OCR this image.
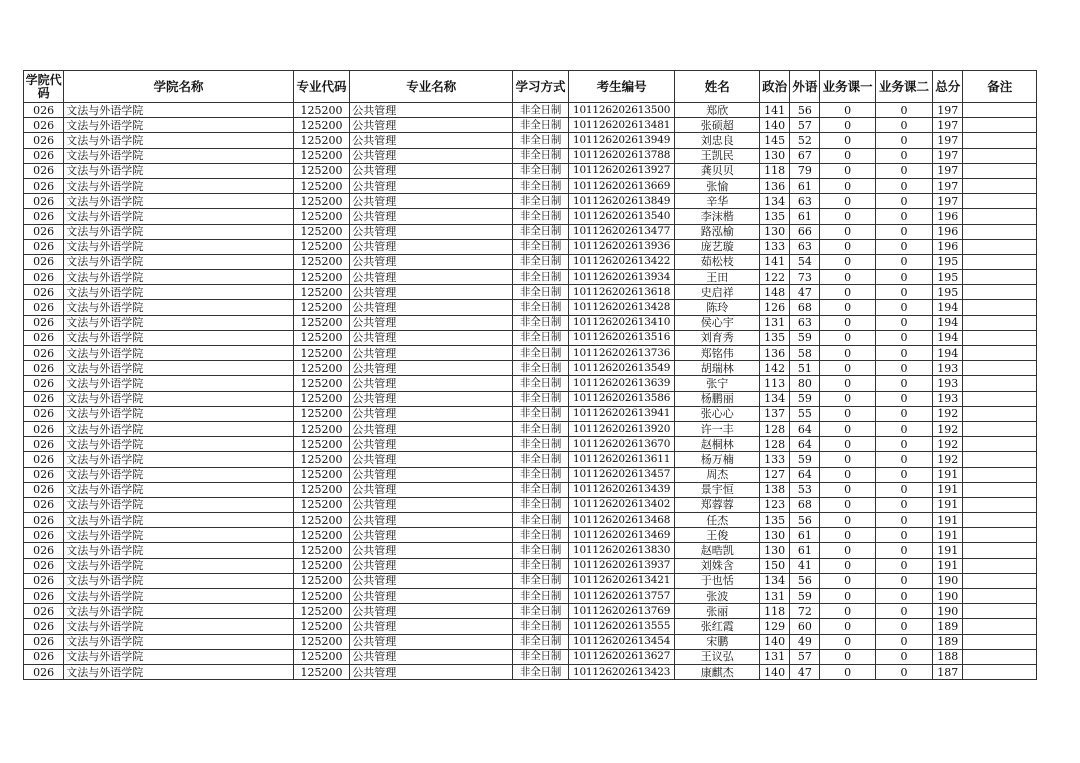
学院代码	学院名称	专业代码	专业名称	学习方式	考生编号	姓名	政治	外语	业务课一	业务课二	总分	备注
026	文法与外语学院	125200	公共管理	非全日制	101126202613500	郑欣	141	56	0	0	197	
026	文法与外语学院	125200	公共管理	非全日制	101126202613481	张硕超	140	57	0	0	197	
026	文法与外语学院	125200	公共管理	非全日制	101126202613949	刘忠良	145	52	0	0	197	
026	文法与外语学院	125200	公共管理	非全日制	101126202613788	王凯民	130	67	0	0	197	
026	文法与外语学院	125200	公共管理	非全日制	101126202613927	龚贝贝	118	79	0	0	197	
026	文法与外语学院	125200	公共管理	非全日制	101126202613669	张愉	136	61	0	0	197	
026	文法与外语学院	125200	公共管理	非全日制	101126202613849	辛华	134	63	0	0	197	
026	文法与外语学院	125200	公共管理	非全日制	101126202613540	李沫楷	135	61	0	0	196	
026	文法与外语学院	125200	公共管理	非全日制	101126202613477	路泓榆	130	66	0	0	196	
026	文法与外语学院	125200	公共管理	非全日制	101126202613936	庞艺璇	133	63	0	0	196	
026	文法与外语学院	125200	公共管理	非全日制	101126202613422	茹松枝	141	54	0	0	195	
026	文法与外语学院	125200	公共管理	非全日制	101126202613934	王田	122	73	0	0	195	
026	文法与外语学院	125200	公共管理	非全日制	101126202613618	史启祥	148	47	0	0	195	
026	文法与外语学院	125200	公共管理	非全日制	101126202613428	陈玲	126	68	0	0	194	
026	文法与外语学院	125200	公共管理	非全日制	101126202613410	侯心宇	131	63	0	0	194	
026	文法与外语学院	125200	公共管理	非全日制	101126202613516	刘育秀	135	59	0	0	194	
026	文法与外语学院	125200	公共管理	非全日制	101126202613736	郑铭伟	136	58	0	0	194	
026	文法与外语学院	125200	公共管理	非全日制	101126202613549	胡瑞林	142	51	0	0	193	
026	文法与外语学院	125200	公共管理	非全日制	101126202613639	张宁	113	80	0	0	193	
026	文法与外语学院	125200	公共管理	非全日制	101126202613586	杨鹏丽	134	59	0	0	193	
026	文法与外语学院	125200	公共管理	非全日制	101126202613941	张心心	137	55	0	0	192	
026	文法与外语学院	125200	公共管理	非全日制	101126202613920	许一丰	128	64	0	0	192	
026	文法与外语学院	125200	公共管理	非全日制	101126202613670	赵桐林	128	64	0	0	192	
026	文法与外语学院	125200	公共管理	非全日制	101126202613611	杨万楠	133	59	0	0	192	
026	文法与外语学院	125200	公共管理	非全日制	101126202613457	周杰	127	64	0	0	191	
026	文法与外语学院	125200	公共管理	非全日制	101126202613439	景宇恒	138	53	0	0	191	
026	文法与外语学院	125200	公共管理	非全日制	101126202613402	郑蓉蓉	123	68	0	0	191	
026	文法与外语学院	125200	公共管理	非全日制	101126202613468	任杰	135	56	0	0	191	
026	文法与外语学院	125200	公共管理	非全日制	101126202613469	王俊	130	61	0	0	191	
026	文法与外语学院	125200	公共管理	非全日制	101126202613830	赵晧凯	130	61	0	0	191	
026	文法与外语学院	125200	公共管理	非全日制	101126202613937	刘姝含	150	41	0	0	191	
026	文法与外语学院	125200	公共管理	非全日制	101126202613421	于也恬	134	56	0	0	190	
026	文法与外语学院	125200	公共管理	非全日制	101126202613757	张波	131	59	0	0	190	
026	文法与外语学院	125200	公共管理	非全日制	101126202613769	张丽	118	72	0	0	190	
026	文法与外语学院	125200	公共管理	非全日制	101126202613555	张红霞	129	60	0	0	189	
026	文法与外语学院	125200	公共管理	非全日制	101126202613454	宋鹏	140	49	0	0	189	
026	文法与外语学院	125200	公共管理	非全日制	101126202613627	王议弘	131	57	0	0	188	
026	文法与外语学院	125200	公共管理	非全日制	101126202613423	康麒杰	140	47	0	0	187	
